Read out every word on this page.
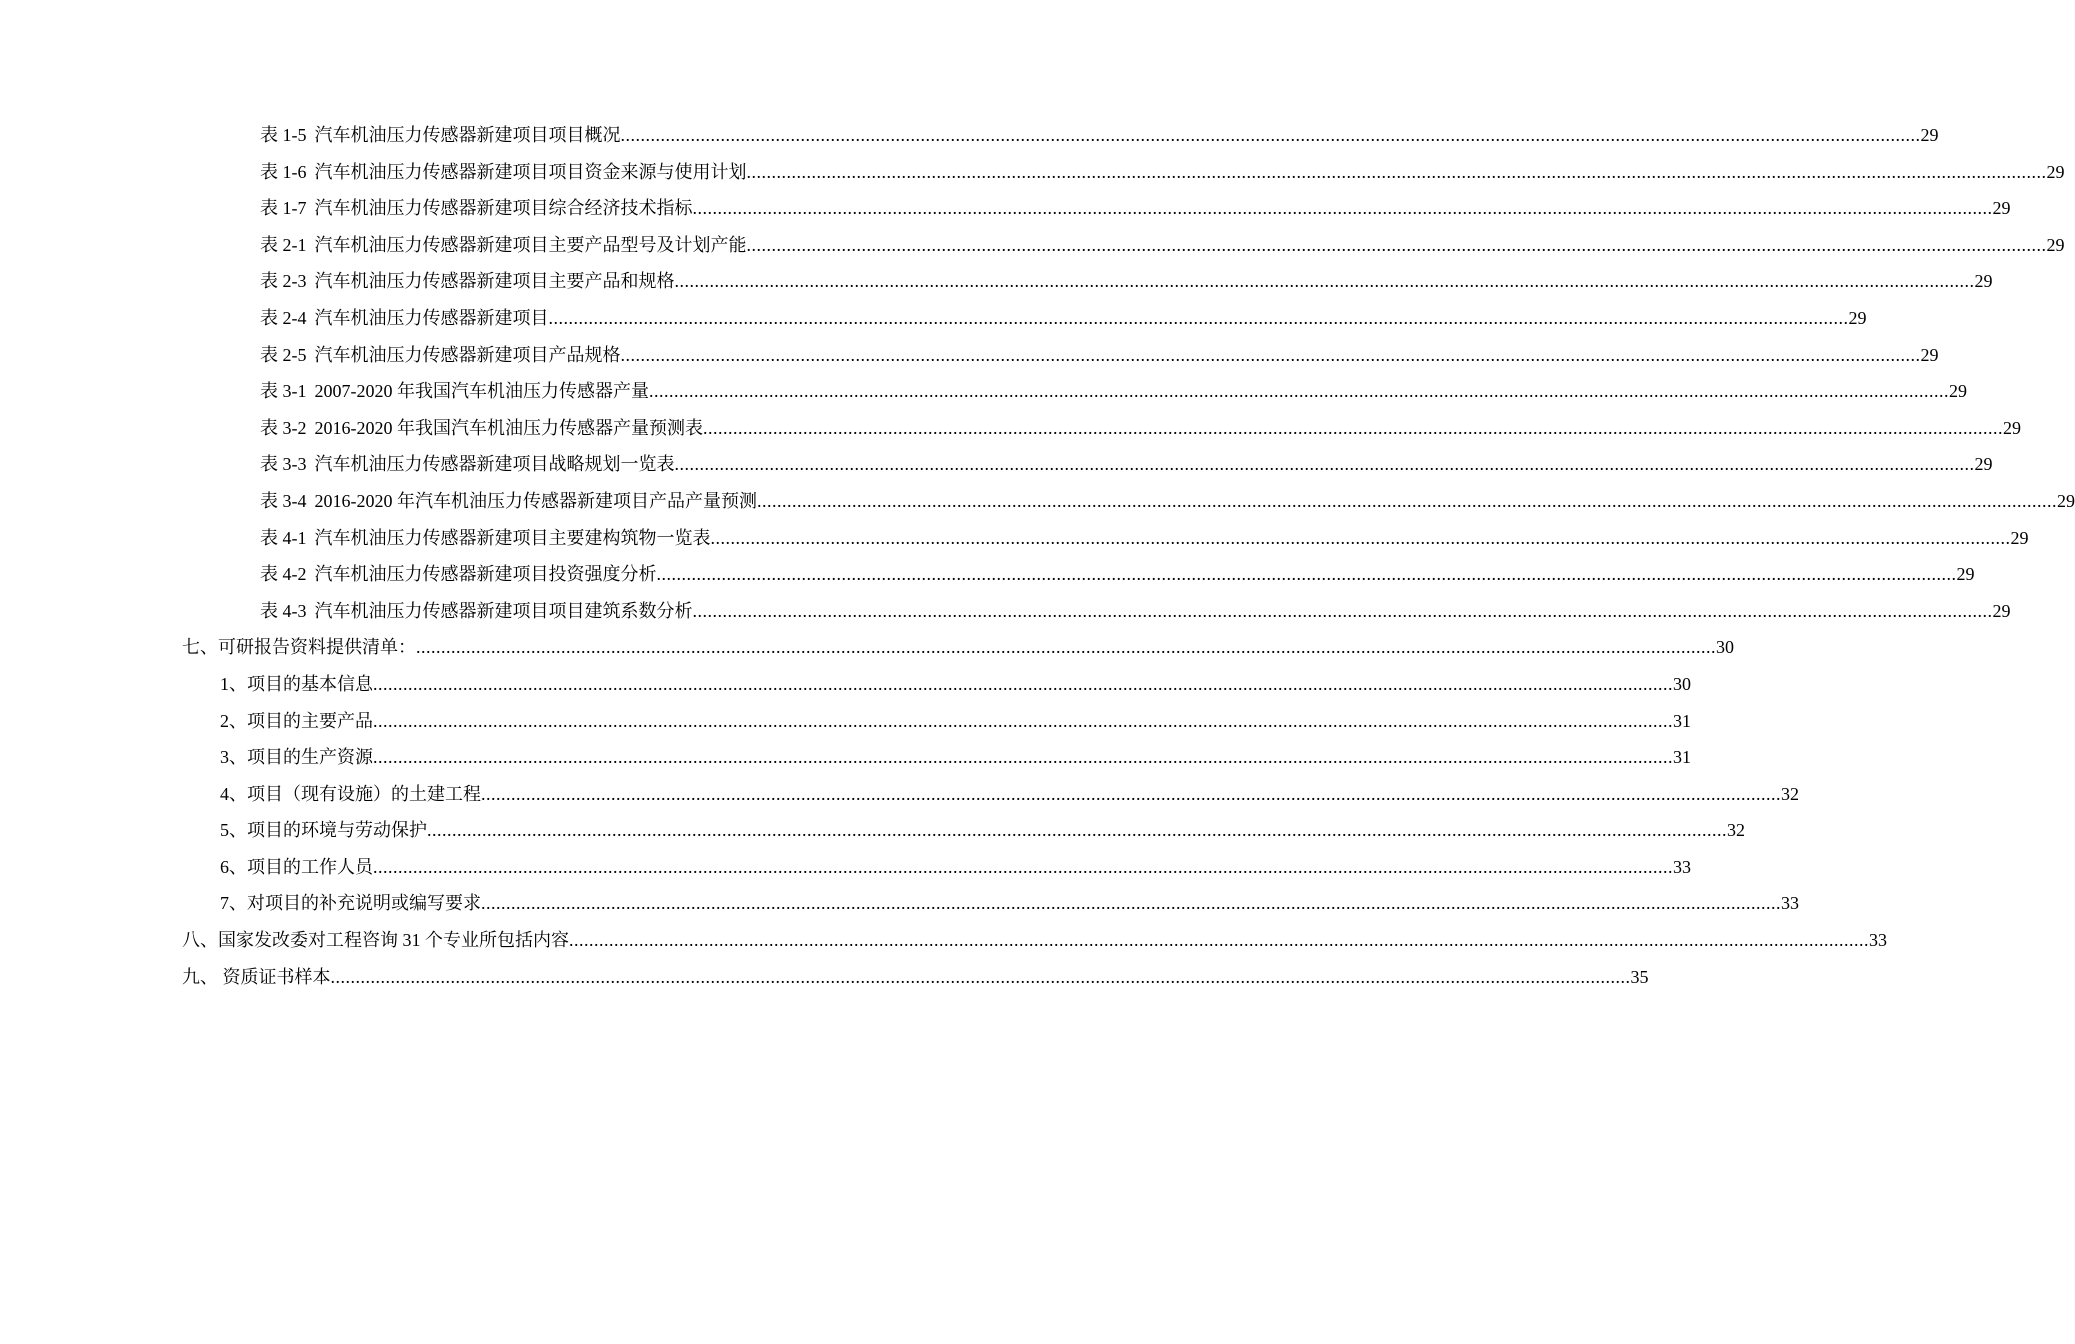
表 1-5 汽车机油压力传感器新建项目项目概况 .....	29
表 1-6 汽车机油压力传感器新建项目项目资金来源与使用计划 .....	29
表 1-7 汽车机油压力传感器新建项目综合经济技术指标 .....	29
表 2-1 汽车机油压力传感器新建项目主要产品型号及计划产能 .....	29
表 2-3 汽车机油压力传感器新建项目主要产品和规格 .....	29
表 2-4 汽车机油压力传感器新建项目 .....	29
表 2-5 汽车机油压力传感器新建项目产品规格 .....	29
表 3-1 2007-2020 年我国汽车机油压力传感器产量 .....	29
表 3-2 2016-2020 年我国汽车机油压力传感器产量预测表 .....	29
表 3-3 汽车机油压力传感器新建项目战略规划一览表 .....	29
表 3-4 2016-2020 年汽车机油压力传感器新建项目产品产量预测 .....	29
表 4-1 汽车机油压力传感器新建项目主要建构筑物一览表 .....	29
表 4-2 汽车机油压力传感器新建项目投资强度分析 .....	29
表 4-3 汽车机油压力传感器新建项目项目建筑系数分析 .....	29
七、可研报告资料提供清单： .....	30
1、项目的基本信息 .....	30
2、项目的主要产品 .....	31
3、项目的生产资源 .....	31
4、项目（现有设施）的土建工程 .....	32
5、项目的环境与劳动保护 .....	32
6、项目的工作人员 .....	33
7、对项目的补充说明或编写要求 .....	33
八、国家发改委对工程咨询 31 个专业所包括内容 .....	33
九、 资质证书样本 .....	35
